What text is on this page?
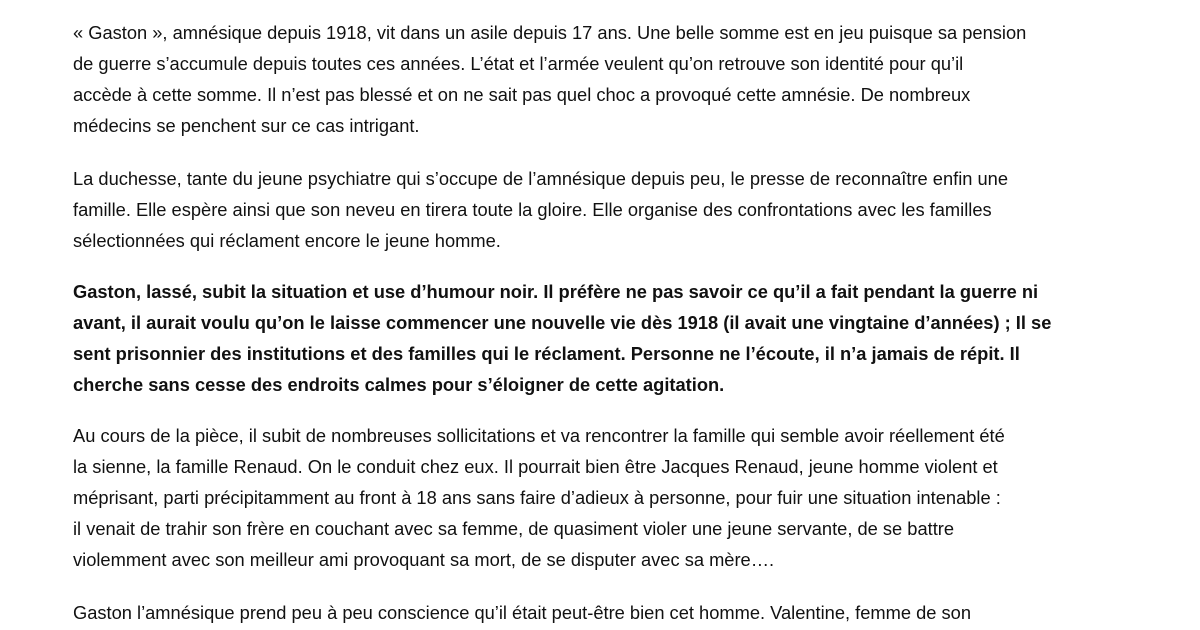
« Gaston », amnésique depuis 1918, vit dans un asile depuis 17 ans. Une belle somme est en jeu puisque sa pension
de guerre s’accumule depuis toutes ces années. L’état et l’armée veulent qu’on retrouve son identité pour qu’il
accède à cette somme. Il n’est pas blessé et on ne sait pas quel choc a provoqué cette amnésie. De nombreux
médecins se penchent sur ce cas intrigant.

La duchesse, tante du jeune psychiatre qui s’occupe de l’amnésique depuis peu, le presse de reconnaître enfin une
famille. Elle espère ainsi que son neveu en tirera toute la gloire. Elle organise des confrontations avec les familles
sélectionnées qui réclament encore le jeune homme.

Gaston, lassé, subit la situation et use d’humour noir. Il préfère ne pas savoir ce qu’il a fait pendant la guerre ni
avant, il aurait voulu qu’on le laisse commencer une nouvelle vie dès 1918 (il avait une vingtaine d’années) ; Il se
sent prisonnier des institutions et des familles qui le réclament. Personne ne l’écoute, il n’a jamais de répit. Il
cherche sans cesse des endroits calmes pour s’éloigner de cette agitation.

Au cours de la pièce, il subit de nombreuses sollicitations et va rencontrer la famille qui semble avoir réellement été
la sienne, la famille Renaud. On le conduit chez eux. Il pourrait bien être Jacques Renaud, jeune homme violent et
méprisant, parti précipitamment au front à 18 ans sans faire d’adieux à personne, pour fuir une situation intenable :
il venait de trahir son frère en couchant avec sa femme, de quasiment violer une jeune servante, de se battre
violemment avec son meilleur ami provoquant sa mort, de se disputer avec sa mère….

Gaston l’amnésique prend peu à peu conscience qu’il était peut-être bien cet homme. Valentine, femme de son
